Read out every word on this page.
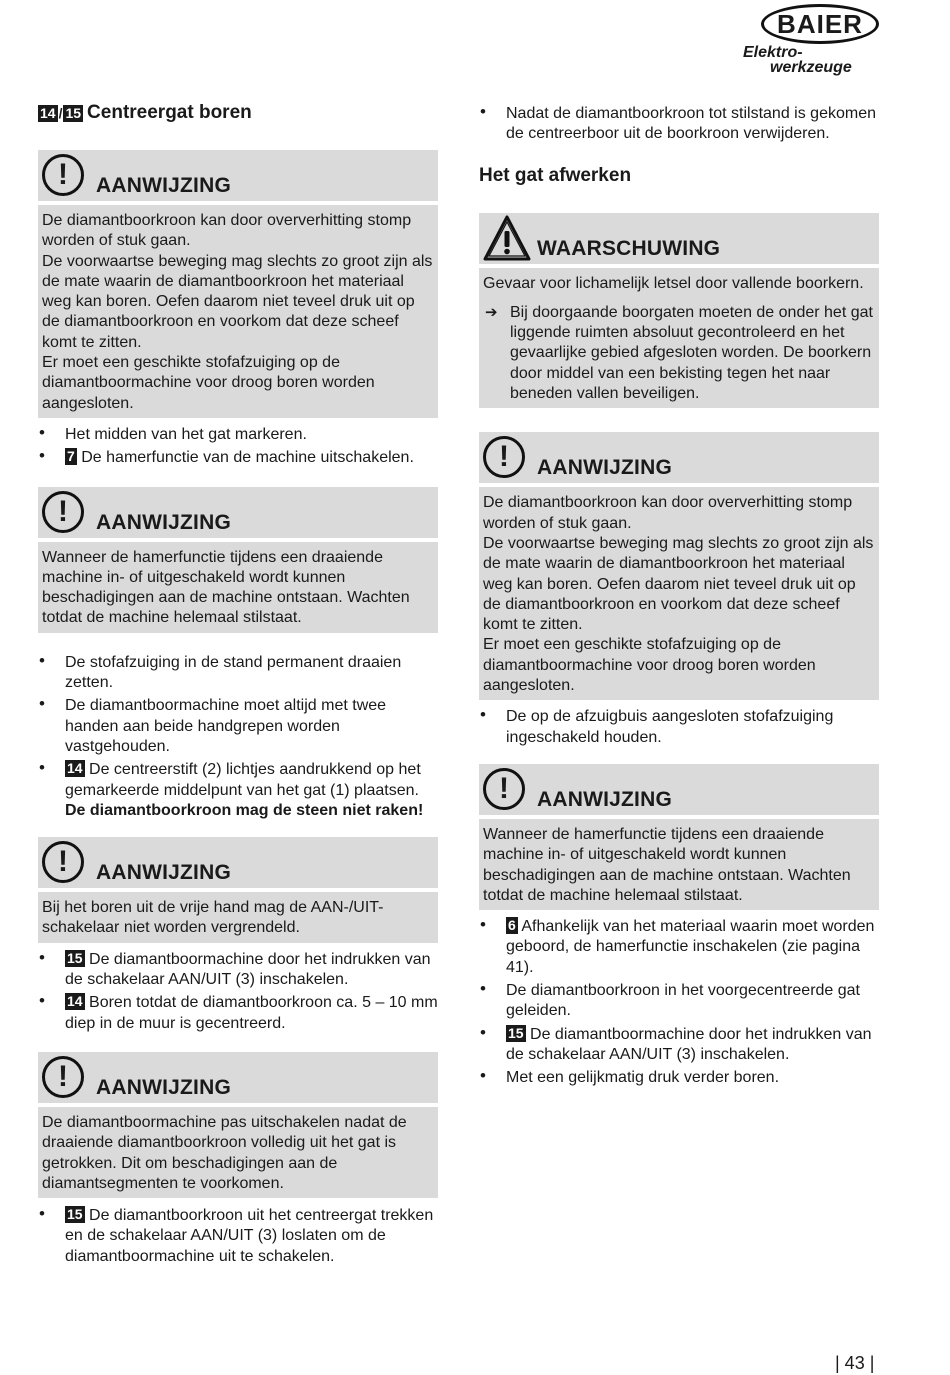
BAIER
Elektro-
werkzeuge
14 / 15 Centreergat boren
!	AANWIJZING
De diamantboorkroon kan door oververhitting stomp worden of stuk gaan.
De voorwaartse beweging mag slechts zo groot zijn als de mate waarin de diamantboorkroon het materiaal weg kan boren. Oefen daarom niet teveel druk uit op de diamantboorkroon en voorkom dat deze scheef komt te zitten.
Er moet een geschikte stofafzuiging op de diamantboormachine voor droog boren worden aangesloten.
• Het midden van het gat markeren.
• 7 De hamerfunctie van de machine uitschakelen.
!	AANWIJZING
Wanneer de hamerfunctie tijdens een draaiende machine in- of uitgeschakeld wordt kunnen beschadigingen aan de machine ontstaan. Wachten totdat de machine helemaal stilstaat.
• De stofafzuiging in de stand permanent draaien zetten.
• De diamantboormachine moet altijd met twee handen aan beide handgrepen worden vastgehouden.
• 14 De centreerstift (2) lichtjes aandrukkend op het gemarkeerde middelpunt van het gat (1) plaatsen. De diamantboorkroon mag de steen niet raken!
!	AANWIJZING
Bij het boren uit de vrije hand mag de AAN-/UIT-schakelaar niet worden vergrendeld.
• 15 De diamantboormachine door het indrukken van de schakelaar AAN/UIT (3) inschakelen.
• 14 Boren totdat de diamantboorkroon ca. 5 – 10 mm diep in de muur is gecentreerd.
!	AANWIJZING
De diamantboormachine pas uitschakelen nadat de draaiende diamantboorkroon volledig uit het gat is getrokken. Dit om beschadigingen aan de diamantsegmenten te voorkomen.
• 15 De diamantboorkroon uit het centreergat trekken en de schakelaar AAN/UIT (3) loslaten om de diamantboormachine uit te schakelen.
• Nadat de diamantboorkroon tot stilstand is gekomen de centreerboor uit de boorkroon verwijderen.
Het gat afwerken
WAARSCHUWING
Gevaar voor lichamelijk letsel door vallende boorkern.
➔ Bij doorgaande boorgaten moeten de onder het gat liggende ruimten absoluut gecontroleerd en het gevaarlijke gebied afgesloten worden. De boorkern door middel van een bekisting tegen het naar beneden vallen beveiligen.
!	AANWIJZING
De diamantboorkroon kan door oververhitting stomp worden of stuk gaan.
De voorwaartse beweging mag slechts zo groot zijn als de mate waarin de diamantboorkroon het materiaal weg kan boren. Oefen daarom niet teveel druk uit op de diamantboorkroon en voorkom dat deze scheef komt te zitten.
Er moet een geschikte stofafzuiging op de diamantboormachine voor droog boren worden aangesloten.
• De op de afzuigbuis aangesloten stofafzuiging ingeschakeld houden.
!	AANWIJZING
Wanneer de hamerfunctie tijdens een draaiende machine in- of uitgeschakeld wordt kunnen beschadigingen aan de machine ontstaan. Wachten totdat de machine helemaal stilstaat.
• 6 Afhankelijk van het materiaal waarin moet worden geboord, de hamerfunctie inschakelen (zie pagina 41).
• De diamantboorkroon in het voorgecentreerde gat geleiden.
• 15 De diamantboormachine door het indrukken van de schakelaar AAN/UIT (3) inschakelen.
• Met een gelijkmatig druk verder boren.
| 43 |
